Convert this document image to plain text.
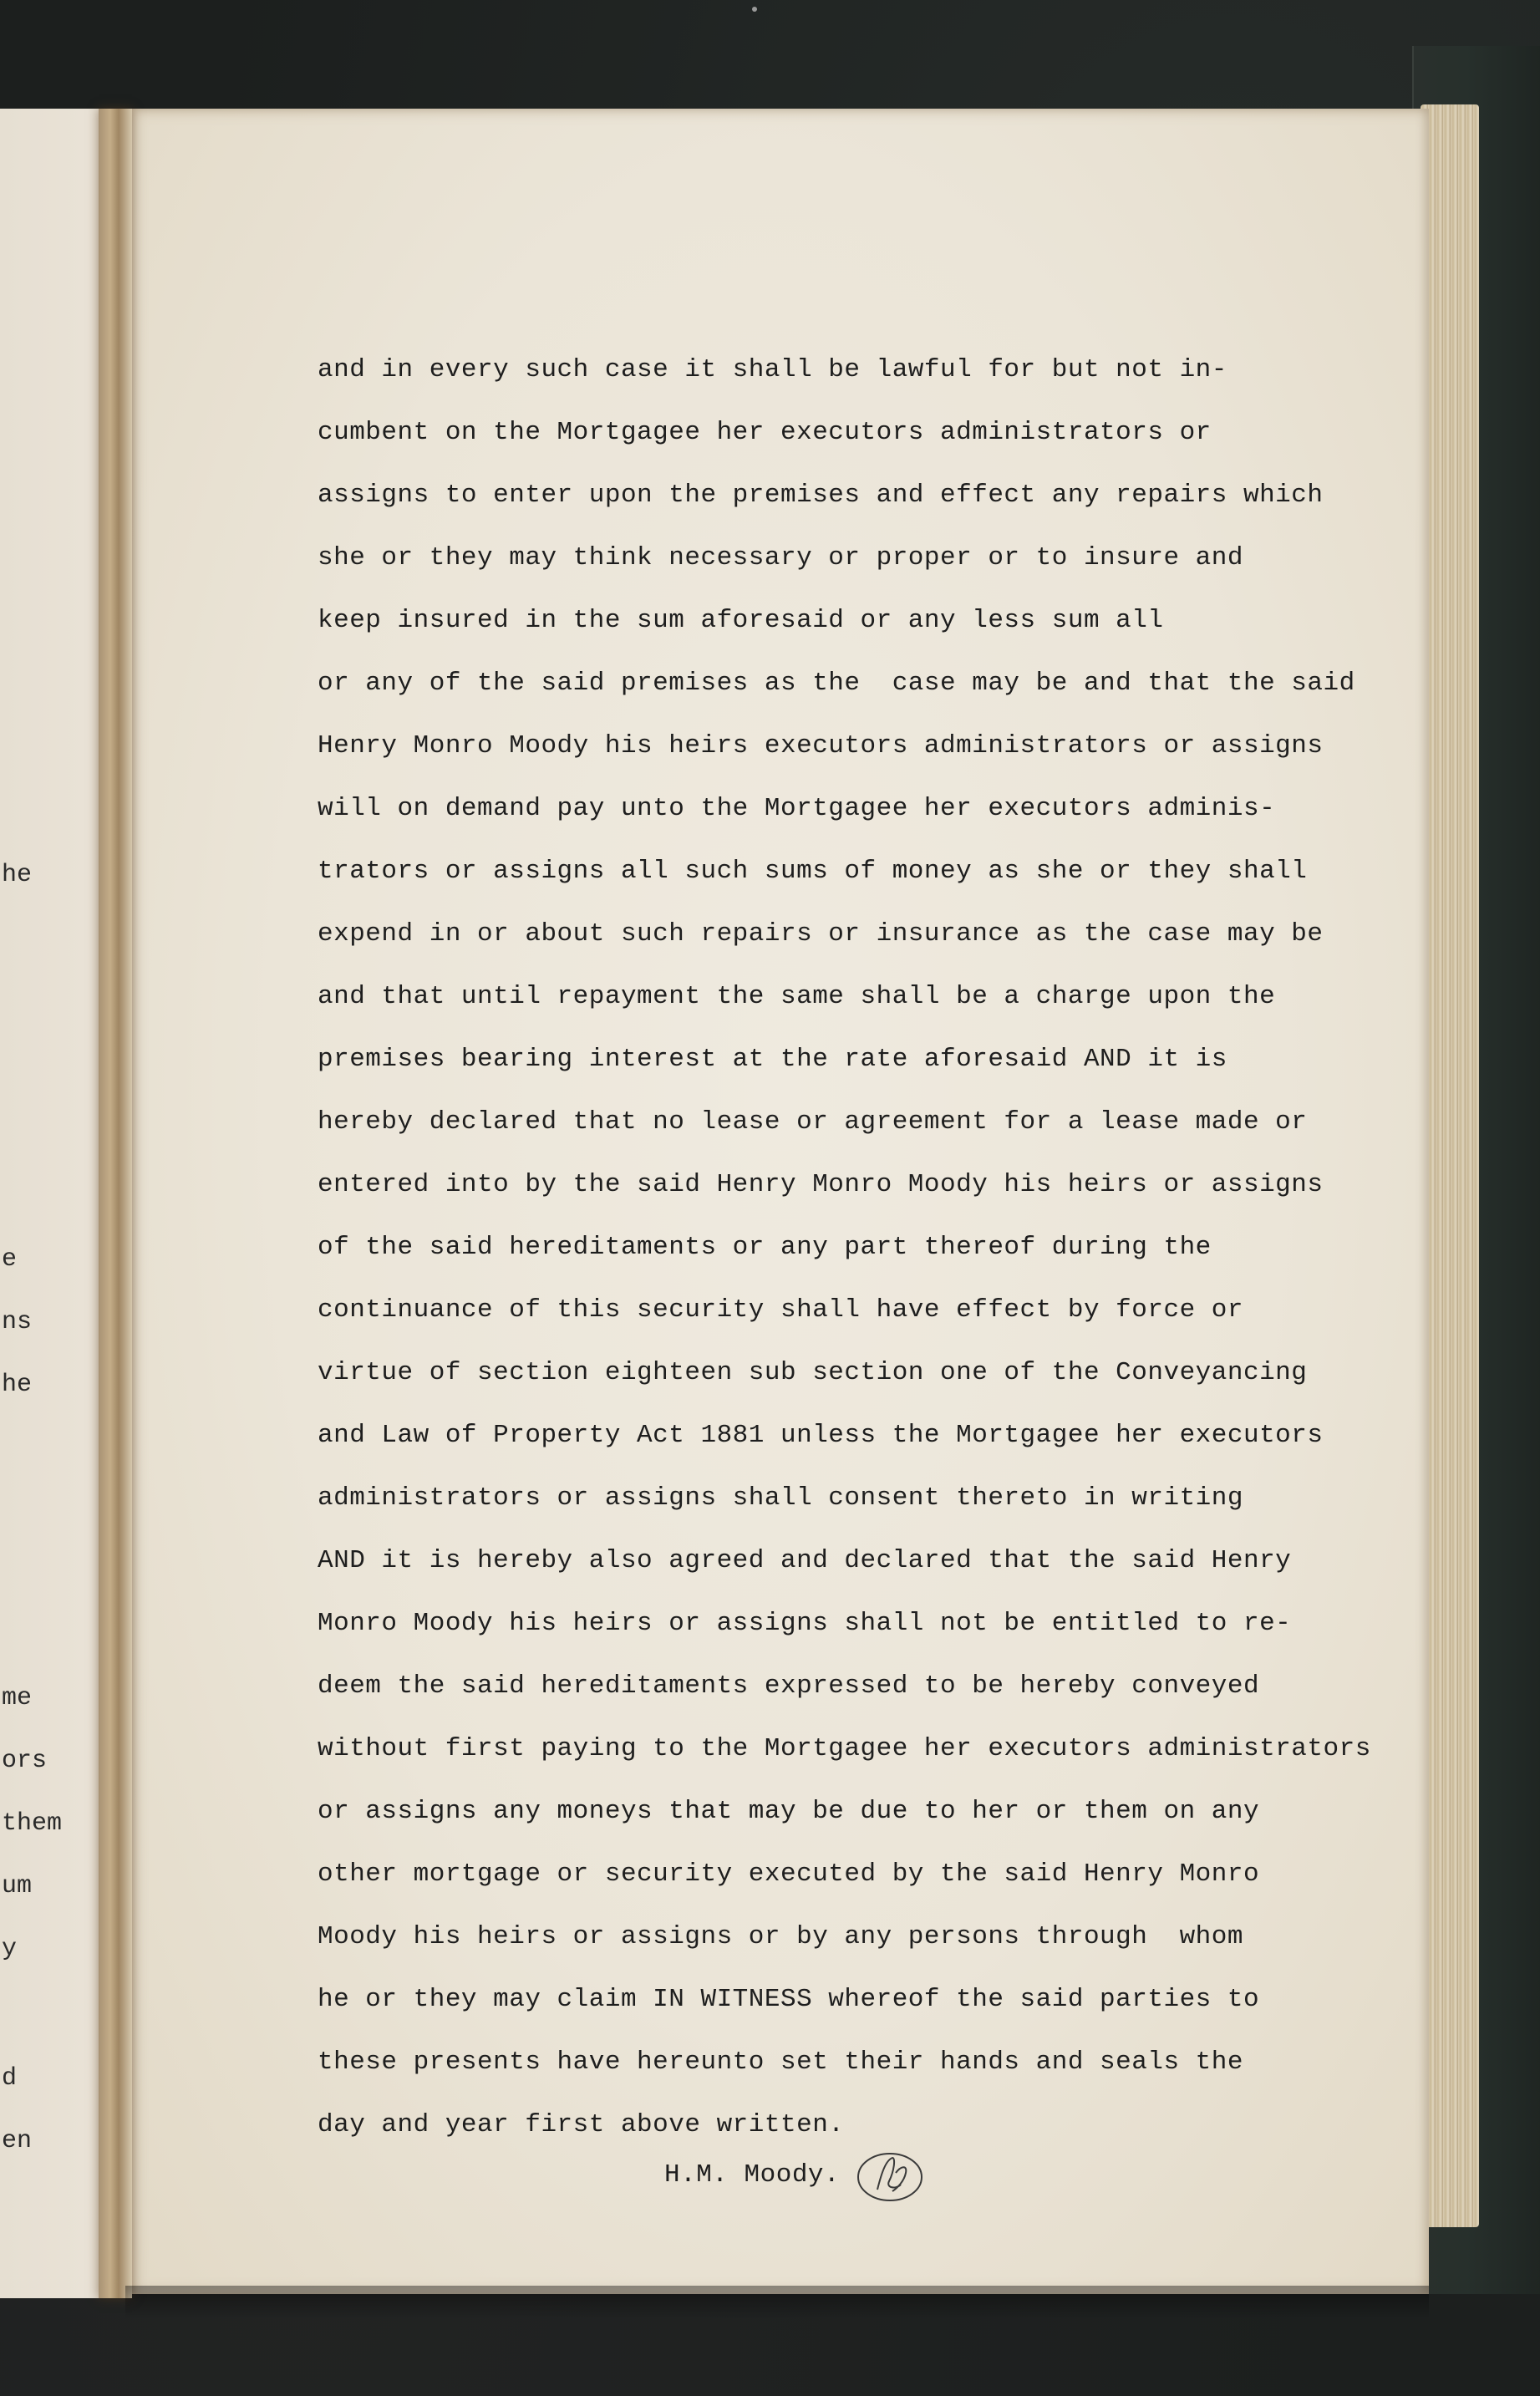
he
e
ns
he
me
ors
them
um
y
d
en
and in every such case it shall be lawful for but not in-
cumbent on the Mortgagee her executors administrators or
assigns to enter upon the premises and effect any repairs which
she or they may think necessary or proper or to insure and
keep insured in the sum aforesaid or any less sum all
or any of the said premises as the  case may be and that the said
Henry Monro Moody his heirs executors administrators or assigns
will on demand pay unto the Mortgagee her executors adminis-
trators or assigns all such sums of money as she or they shall
expend in or about such repairs or insurance as the case may be
and that until repayment the same shall be a charge upon the
premises bearing interest at the rate aforesaid AND it is
hereby declared that no lease or agreement for a lease made or
entered into by the said Henry Monro Moody his heirs or assigns
of the said hereditaments or any part thereof during the
continuance of this security shall have effect by force or
virtue of section eighteen sub section one of the Conveyancing
and Law of Property Act 1881 unless the Mortgagee her executors
administrators or assigns shall consent thereto in writing
AND it is hereby also agreed and declared that the said Henry
Monro Moody his heirs or assigns shall not be entitled to re-
deem the said hereditaments expressed to be hereby conveyed
without first paying to the Mortgagee her executors administrators
or assigns any moneys that may be due to her or them on any
other mortgage or security executed by the said Henry Monro
Moody his heirs or assigns or by any persons through  whom
he or they may claim IN WITNESS whereof the said parties to
these presents have hereunto set their hands and seals the
day and year first above written.
H.M. Moody.
